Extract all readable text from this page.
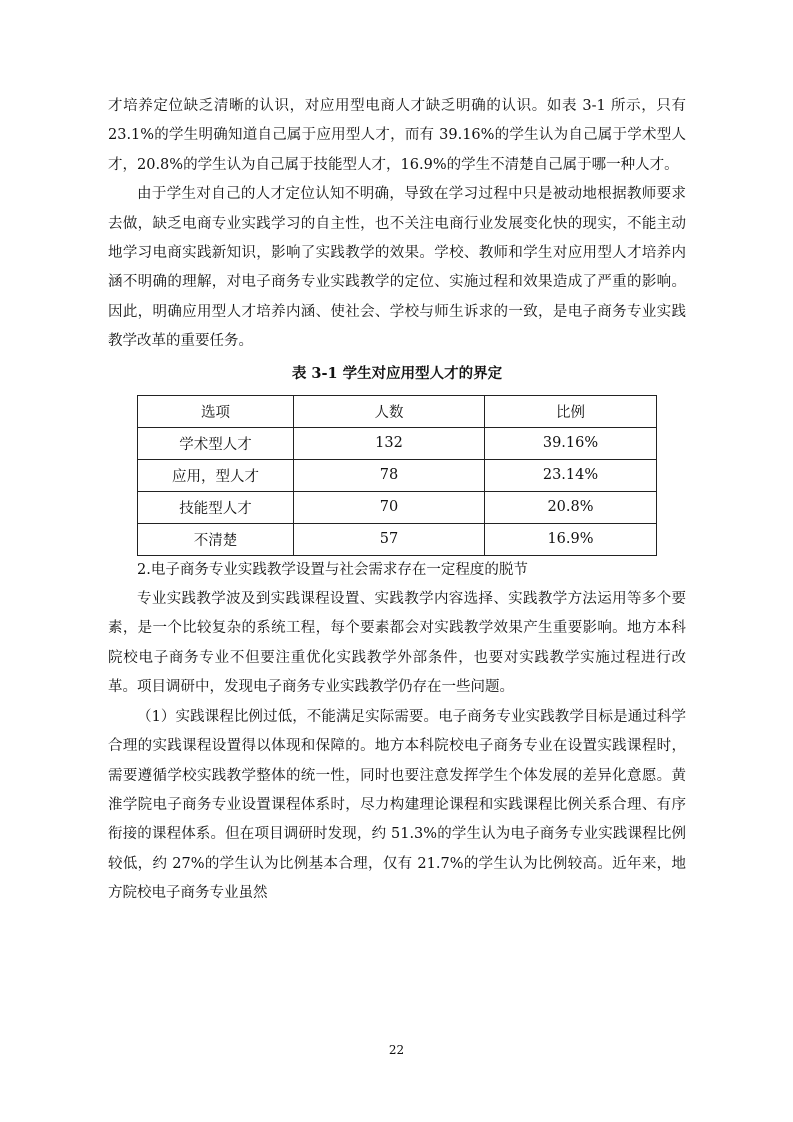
才培养定位缺乏清晰的认识，对应用型电商人才缺乏明确的认识。如表 3-1 所示，只有 23.1%的学生明确知道自己属于应用型人才，而有 39.16%的学生认为自己属于学术型人才，20.8%的学生认为自己属于技能型人才，16.9%的学生不清楚自己属于哪一种人才。

由于学生对自己的人才定位认知不明确，导致在学习过程中只是被动地根据教师要求去做，缺乏电商专业实践学习的自主性，也不关注电商行业发展变化快的现实，不能主动地学习电商实践新知识，影响了实践教学的效果。学校、教师和学生对应用型人才培养内涵不明确的理解，对电子商务专业实践教学的定位、实施过程和效果造成了严重的影响。因此，明确应用型人才培养内涵、使社会、学校与师生诉求的一致，是电子商务专业实践教学改革的重要任务。

表 3-1 学生对应用型人才的界定
选项	人数	比例
学术型人才	132	39.16%
应用，型人才	78	23.14%
技能型人才	70	20.8%
不清楚	57	16.9%

2.电子商务专业实践教学设置与社会需求存在一定程度的脱节

专业实践教学波及到实践课程设置、实践教学内容选择、实践教学方法运用等多个要素，是一个比较复杂的系统工程，每个要素都会对实践教学效果产生重要影响。地方本科院校电子商务专业不但要注重优化实践教学外部条件，也要对实践教学实施过程进行改革。项目调研中，发现电子商务专业实践教学仍存在一些问题。

（1）实践课程比例过低，不能满足实际需要。电子商务专业实践教学目标是通过科学合理的实践课程设置得以体现和保障的。地方本科院校电子商务专业在设置实践课程时，需要遵循学校实践教学整体的统一性，同时也要注意发挥学生个体发展的差异化意愿。黄淮学院电子商务专业设置课程体系时，尽力构建理论课程和实践课程比例关系合理、有序衔接的课程体系。但在项目调研时发现，约 51.3%的学生认为电子商务专业实践课程比例较低，约 27%的学生认为比例基本合理，仅有 21.7%的学生认为比例较高。近年来，地方院校电子商务专业虽然

22
